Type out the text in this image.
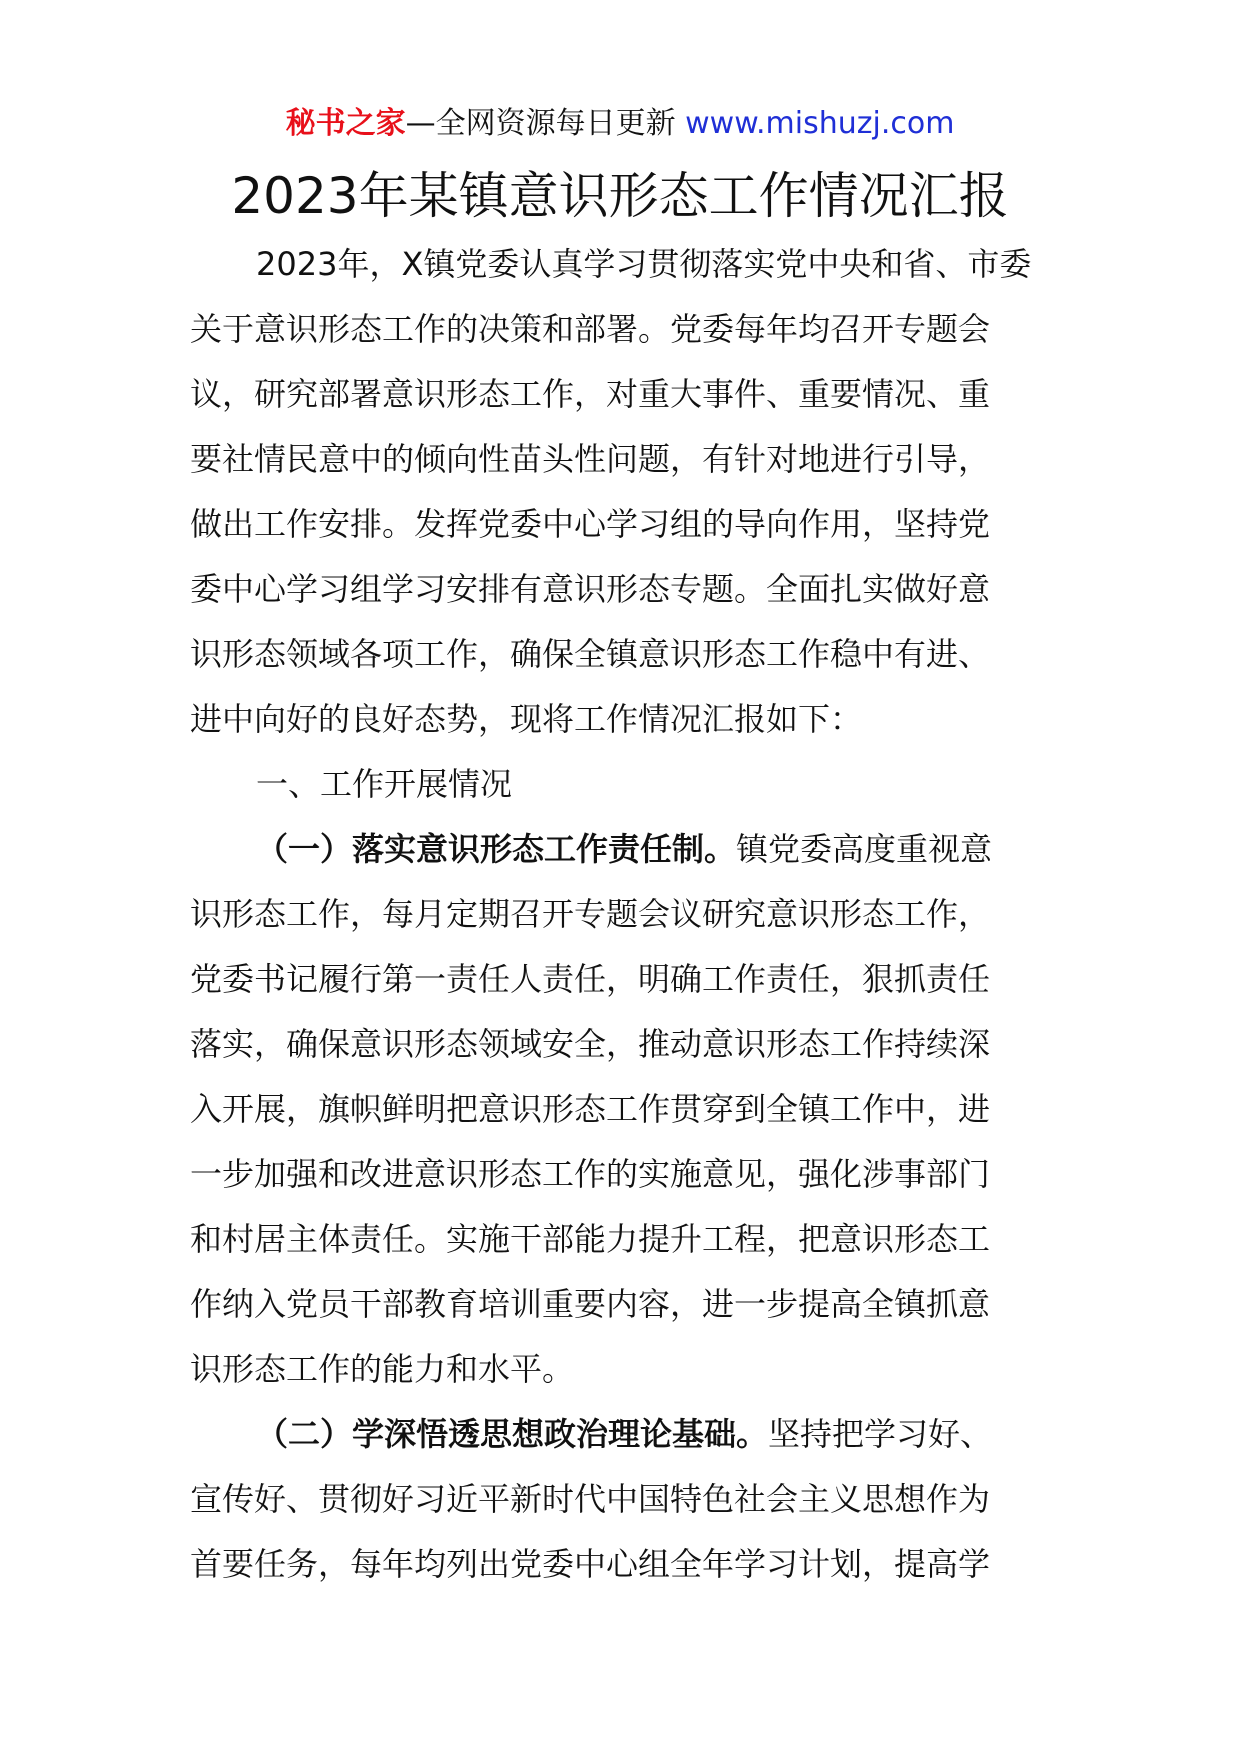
秘书之家—全网资源每日更新 www.mishuzj.com
2023年某镇意识形态工作情况汇报
2023年，X镇党委认真学习贯彻落实党中央和省、市委
关于意识形态工作的决策和部署。党委每年均召开专题会
议，研究部署意识形态工作，对重大事件、重要情况、重
要社情民意中的倾向性苗头性问题，有针对地进行引导，
做出工作安排。发挥党委中心学习组的导向作用，坚持党
委中心学习组学习安排有意识形态专题。全面扎实做好意
识形态领域各项工作，确保全镇意识形态工作稳中有进、
进中向好的良好态势，现将工作情况汇报如下：
一、工作开展情况
（一）落实意识形态工作责任制。镇党委高度重视意
识形态工作，每月定期召开专题会议研究意识形态工作，
党委书记履行第一责任人责任，明确工作责任，狠抓责任
落实，确保意识形态领域安全，推动意识形态工作持续深
入开展，旗帜鲜明把意识形态工作贯穿到全镇工作中，进
一步加强和改进意识形态工作的实施意见，强化涉事部门
和村居主体责任。实施干部能力提升工程，把意识形态工
作纳入党员干部教育培训重要内容，进一步提高全镇抓意
识形态工作的能力和水平。
（二）学深悟透思想政治理论基础。坚持把学习好、
宣传好、贯彻好习近平新时代中国特色社会主义思想作为
首要任务，每年均列出党委中心组全年学习计划，提高学
